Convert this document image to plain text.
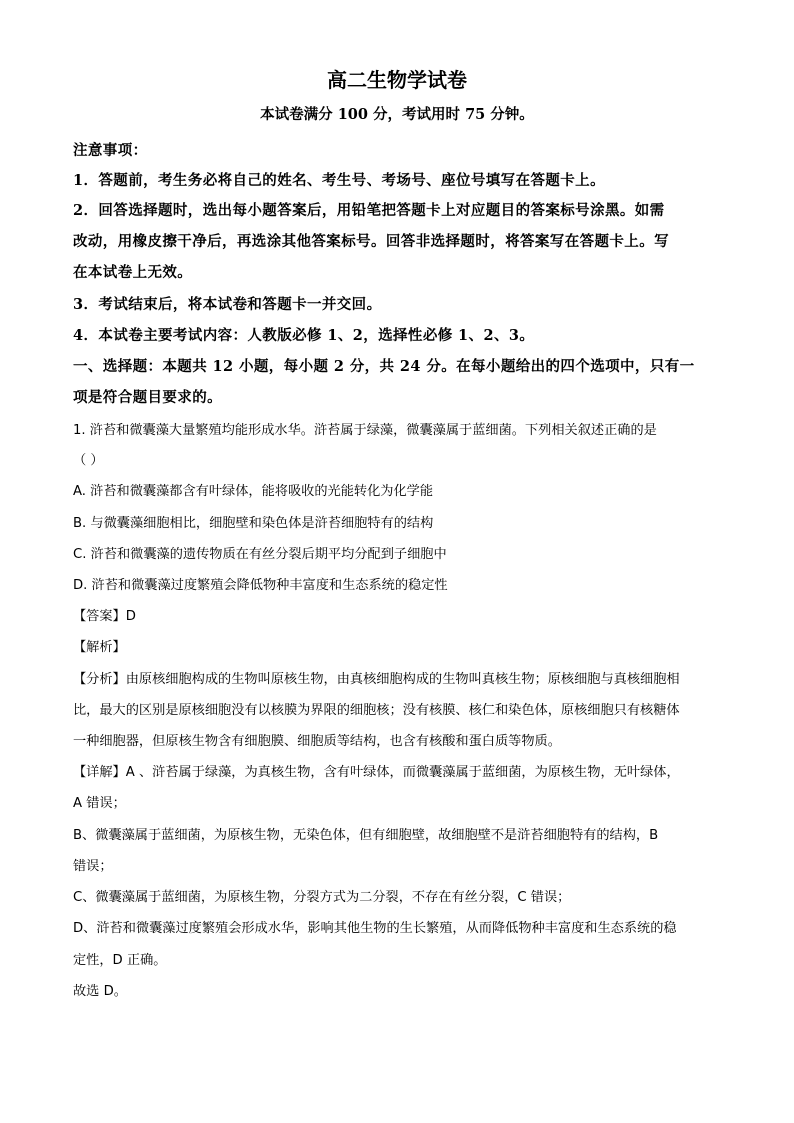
高二生物学试卷
本试卷满分 100 分，考试用时 75 分钟。
注意事项：
1．答题前，考生务必将自己的姓名、考生号、考场号、座位号填写在答题卡上。
2．回答选择题时，选出每小题答案后，用铅笔把答题卡上对应题目的答案标号涂黑。如需
改动，用橡皮擦干净后，再选涂其他答案标号。回答非选择题时，将答案写在答题卡上。写
在本试卷上无效。
3．考试结束后，将本试卷和答题卡一并交回。
4．本试卷主要考试内容：人教版必修 1、2，选择性必修 1、2、3。
一、选择题：本题共 12 小题，每小题 2 分，共 24 分。在每小题给出的四个选项中，只有一
项是符合题目要求的。
1. 浒苔和微囊藻大量繁殖均能形成水华。浒苔属于绿藻，微囊藻属于蓝细菌。下列相关叙述正确的是
（ ）
A. 浒苔和微囊藻都含有叶绿体，能将吸收的光能转化为化学能
B. 与微囊藻细胞相比，细胞壁和染色体是浒苔细胞特有的结构
C. 浒苔和微囊藻的遗传物质在有丝分裂后期平均分配到子细胞中
D. 浒苔和微囊藻过度繁殖会降低物种丰富度和生态系统的稳定性
【答案】D
【解析】
【分析】由原核细胞构成的生物叫原核生物，由真核细胞构成的生物叫真核生物；原核细胞与真核细胞相
比，最大的区别是原核细胞没有以核膜为界限的细胞核；没有核膜、核仁和染色体，原核细胞只有核糖体
一种细胞器，但原核生物含有细胞膜、细胞质等结构，也含有核酸和蛋白质等物质。
【详解】A 、浒苔属于绿藻，为真核生物，含有叶绿体，而微囊藻属于蓝细菌，为原核生物，无叶绿体，
A 错误；
B、微囊藻属于蓝细菌，为原核生物，无染色体，但有细胞壁，故细胞壁不是浒苔细胞特有的结构，B
错误；
C、微囊藻属于蓝细菌，为原核生物，分裂方式为二分裂，不存在有丝分裂，C 错误；
D、浒苔和微囊藻过度繁殖会形成水华，影响其他生物的生长繁殖，从而降低物种丰富度和生态系统的稳
定性，D 正确。
故选 D。
